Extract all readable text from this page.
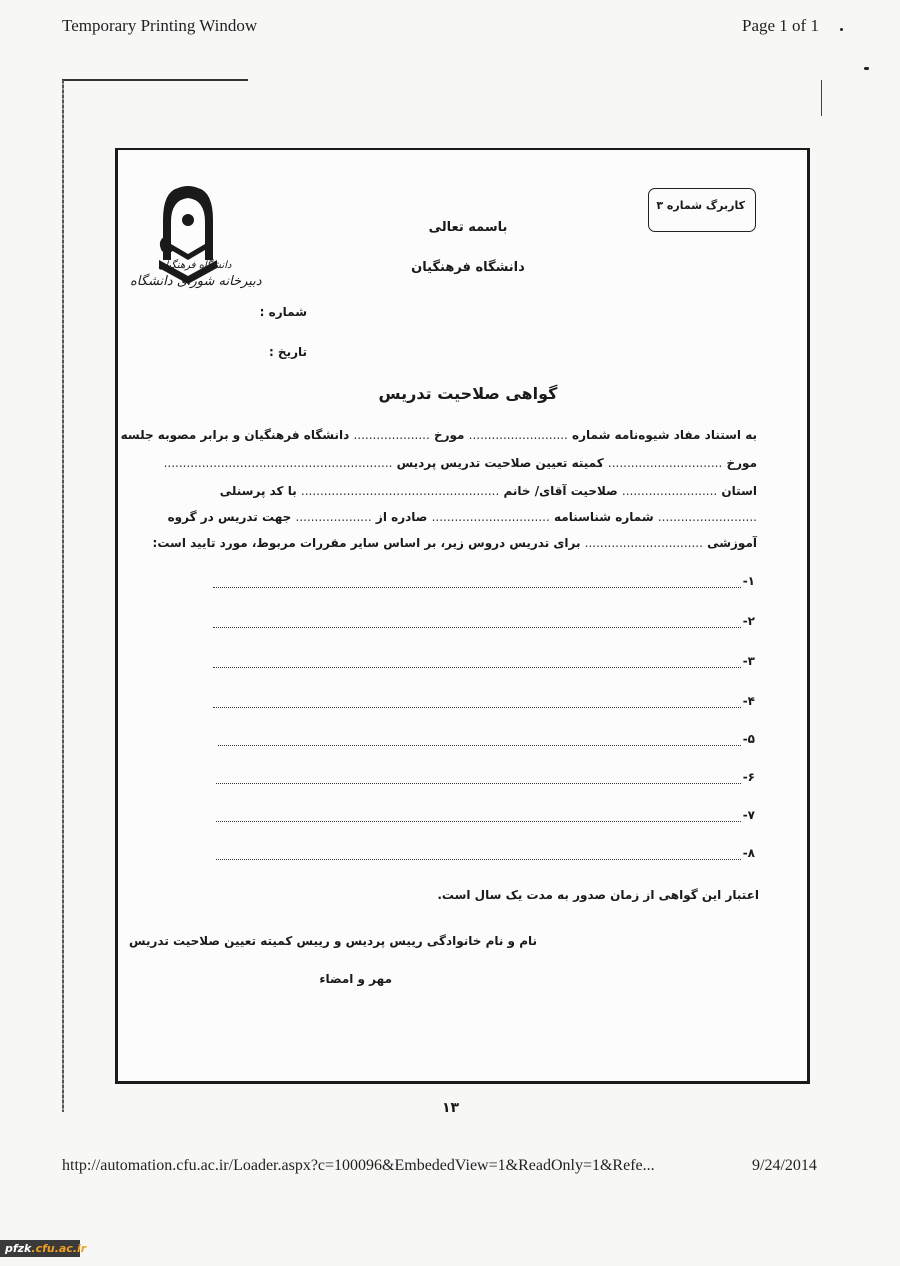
Temporary Printing Window	Page 1 of 1
دانشگاه فرهنگیان
دبیرخانه شورای دانشگاه
کاربرگ شماره ۳
باسمه تعالی
دانشگاه فرهنگیان
شماره :
تاریخ :
گواهی صلاحیت تدریس
به استناد مفاد شیوه‌نامه شماره .......................... مورخ .................... دانشگاه فرهنگیان و برابر مصوبه جلسه
مورخ .............................. کمیته تعیین صلاحیت تدریس پردیس ............................................................
استان ......................... صلاحیت آقای/ خانم .................................................... با کد پرسنلی
.......................... شماره شناسنامه ............................... صادره از .................... جهت تدریس در گروه
آموزشی ............................... برای تدریس دروس زیر، بر اساس سایر مقررات مربوط، مورد تایید است:
۱-
۲-
۳-
۴-
۵-
۶-
۷-
۸-
اعتبار این گواهی از زمان صدور به مدت یک سال است.
نام و نام خانوادگی رییس پردیس و رییس کمیته تعیین صلاحیت تدریس
مهر و امضاء
۱۳
http://automation.cfu.ac.ir/Loader.aspx?c=100096&EmbededView=1&ReadOnly=1&Refe...	9/24/2014
pfzk.cfu.ac.ir
